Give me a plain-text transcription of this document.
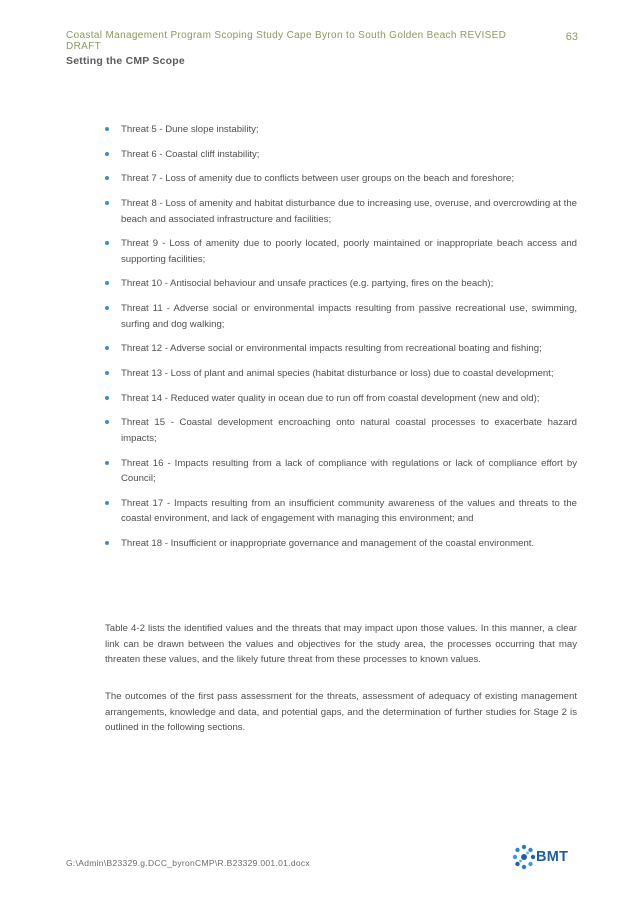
Coastal Management Program Scoping Study Cape Byron to South Golden Beach REVISED DRAFT

63

Setting the CMP Scope

Threat 5 - Dune slope instability;
Threat 6 - Coastal cliff instability;
Threat 7 - Loss of amenity due to conflicts between user groups on the beach and foreshore;
Threat 8 - Loss of amenity and habitat disturbance due to increasing use, overuse, and overcrowding at the beach and associated infrastructure and facilities;
Threat 9 - Loss of amenity due to poorly located, poorly maintained or inappropriate beach access and supporting facilities;
Threat 10 - Antisocial behaviour and unsafe practices (e.g. partying, fires on the beach);
Threat 11 - Adverse social or environmental impacts resulting from passive recreational use, swimming, surfing and dog walking;
Threat 12 - Adverse social or environmental impacts resulting from recreational boating and fishing;
Threat 13 - Loss of plant and animal species (habitat disturbance or loss) due to coastal development;
Threat 14 - Reduced water quality in ocean due to run off from coastal development (new and old);
Threat 15 - Coastal development encroaching onto natural coastal processes to exacerbate hazard impacts;
Threat 16 - Impacts resulting from a lack of compliance with regulations or lack of compliance effort by Council;
Threat 17 - Impacts resulting from an insufficient community awareness of the values and threats to the coastal environment, and lack of engagement with managing this environment; and
Threat 18 - Insufficient or inappropriate governance and management of the coastal environment.

Table 4-2 lists the identified values and the threats that may impact upon those values. In this manner, a clear link can be drawn between the values and objectives for the study area, the processes occurring that may threaten these values, and the likely future threat from these processes to known values.

The outcomes of the first pass assessment for the threats, assessment of adequacy of existing management arrangements, knowledge and data, and potential gaps, and the determination of further studies for Stage 2 is outlined in the following sections.

G:\Admin\B23329.g.DCC_byronCMP\R.B23329.001.01.docx	BMT
